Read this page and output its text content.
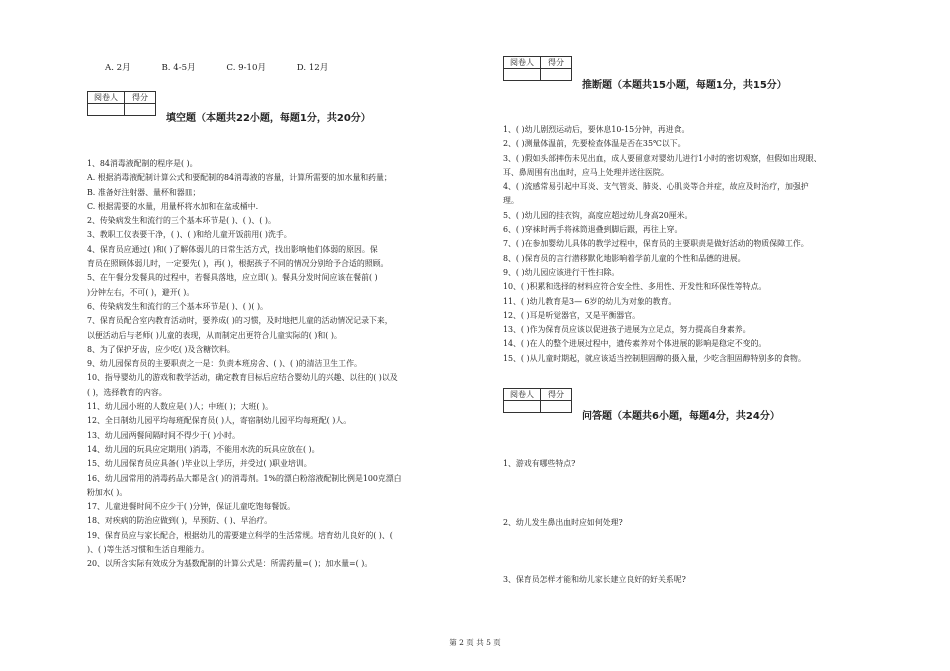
A. 2月	B. 4-5月	C. 9-10月	D. 12月
阅卷人	得分

填空题（本题共22小题，每题1分，共20分）
1、84消毒液配制的程序是( )。
A. 根据消毒液配制计算公式和要配制的84消毒液的容量，计算所需要的加水量和药量；
B. 准备好注射器、量杯和器皿；
C. 根据需要的水量，用量杯将水加和在盆或桶中.
2、传染病发生和流行的三个基本环节是( )、( )、( )。
3、教职工仪表要干净，( )、( )和给儿童开饭前用( )洗手。
4、保育员应通过( )和( )了解体弱儿的日常生活方式，找出影响他们体弱的原因。保
育员在照顾体弱儿时，一定要先( )，再( )，根据孩子不同的情况分别给予合适的照顾。
5、在午餐分发餐具的过程中，若餐具落地，应立即( )。餐具分发时间应该在餐前( )
)分钟左右，不可( )，避开( )。
6、传染病发生和流行的三个基本环节是( )、( )( )。
7、保育员配合室内教育活动时，要养成( )的习惯，及时地把儿童的活动情况记录下来，
以便活动后与老师( )儿童的表现，从而制定出更符合儿童实际的( )和( )。
8、为了保护牙齿，应少吃( )及含糖饮料。
9、幼儿园保育员的主要职责之一是：负责本班房舍、( )、( )的清洁卫生工作。
10、指导婴幼儿的游戏和教学活动，确定教育目标后应结合婴幼儿的兴趣、以往的( )以及
( )，选择教育的内容。
11、幼儿园小班的人数应是( )人；中班( )；大班( )。
12、全日制幼儿园平均每班配保育员( )人，寄宿制幼儿园平均每班配( )人。
13、幼儿园两餐间隔时间不得少于( )小时。
14、幼儿园的玩具应定期用( )消毒，不能用水洗的玩具应放在( )。
15、幼儿园保育员应具备( )毕业以上学历，并受过( )职业培训。
16、幼儿园常用的消毒药品大都是含( )的消毒剂。1%的漂白粉溶液配制比例是100克漂白
粉加水( )。
17、儿童进餐时间不应少于( )分钟，保证儿童吃饱每餐饭。
18、对疾病的防治应做到( )，早预防、( )、早治疗。
19、保育员应与家长配合，根据幼儿的需要建立科学的生活常规。培育幼儿良好的( )、(
)、( )等生活习惯和生活自理能力。
20、以所含实际有效成分为基数配制的计算公式是：所需药量=( )；加水量=( )。
阅卷人	得分

推断题（本题共15小题，每题1分，共15分）
1、( )幼儿剧烈运动后，要休息10-15分钟，再进食。
2、( )测量体温前，先要检查体温是否在35℃以下。
3、( )假如头部摔伤未见出血，成人要留意对婴幼儿进行1小时的密切观察，但假如出现眼、
耳、鼻周围有出血时，应马上处理并送往医院。
4、( )流感常易引起中耳炎、支气管炎、肺炎、心肌炎等合并症，故应及时治疗，加强护
理。
5、( )幼儿园的挂衣钩，高度应超过幼儿身高20厘米。
6、( )穿袜时两手将袜筒退叠到脚后跟，再往上穿。
7、( )在参加婴幼儿具体的教学过程中，保育员的主要职责是做好活动的物质保障工作。
8、( )保育员的言行潜移默化地影响着学前儿童的个性和品德的进展。
9、( )幼儿园应该进行干性扫除。
10、( )积累和选择的材料应符合安全性、多用性、开发性和环保性等特点。
11、( )幼儿教育是3— 6岁的幼儿为对象的教育。
12、( )耳是听觉器官，又是平衡器官。
13、( )作为保育员应该以促进孩子进展为立足点，努力提高自身素养。
14、( )在人的整个进展过程中，遗传素养对个体进展的影响是稳定不变的。
15、( )从儿童时期起，就应该适当控制胆固醇的摄入量，少吃含胆固醇特别多的食物。
阅卷人	得分

问答题（本题共6小题，每题4分，共24分）
1、游戏有哪些特点?
2、幼儿发生鼻出血时应如何处理?
3、保育员怎样才能和幼儿家长建立良好的好关系呢?
第 2 页 共 5 页
